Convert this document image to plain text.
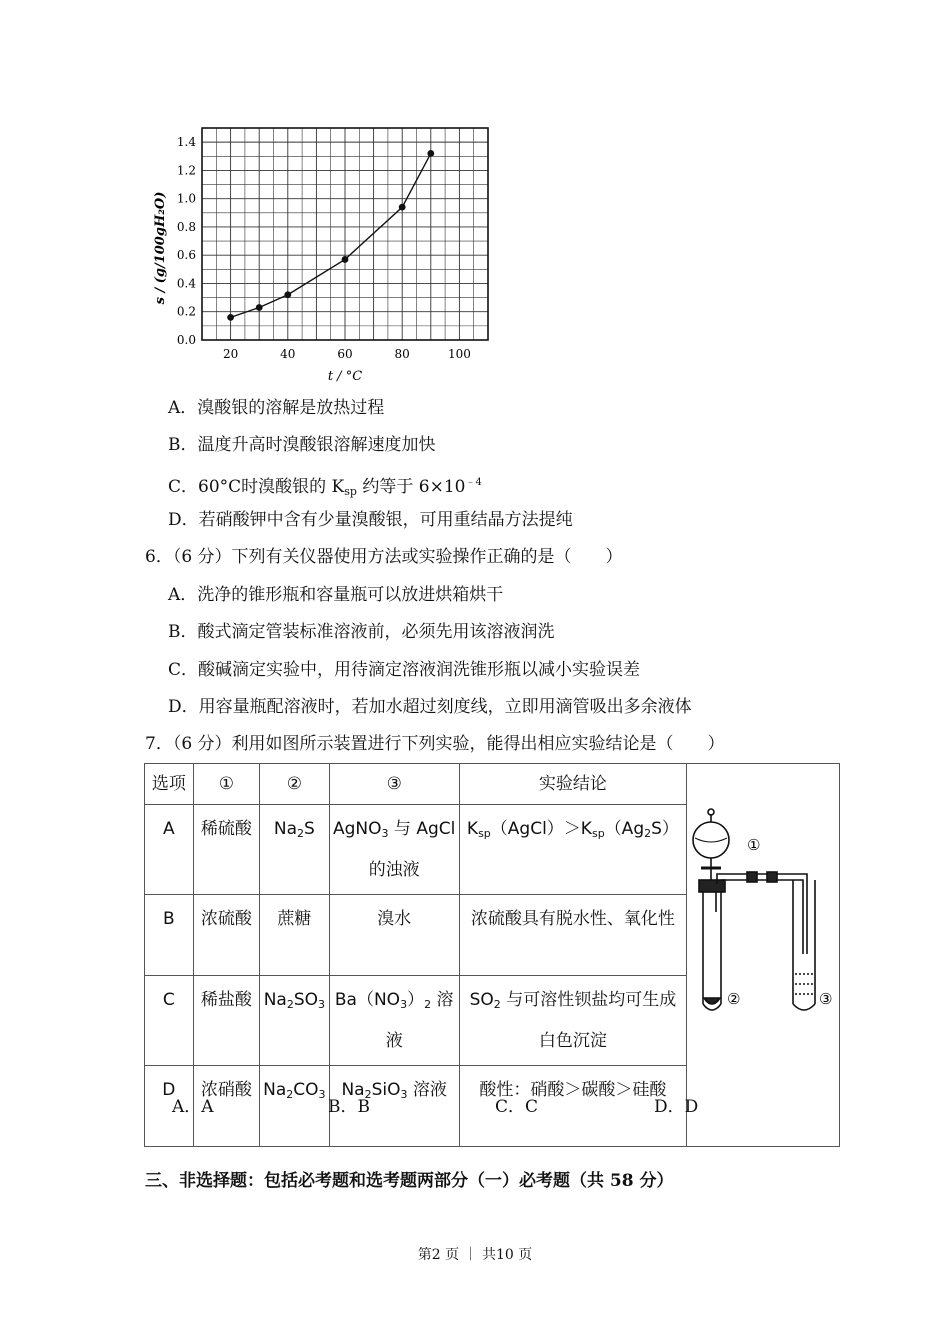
20	40	60	80	100
0.0
0.2
0.4
0.6
0.8
1.0
1.2
1.4
s / (g/100gH₂O)
t / °C
A．溴酸银的溶解是放热过程
B．温度升高时溴酸银溶解速度加快
C．60°C时溴酸银的 $K_{sp}$ 约等于 $6\times 10^{﹣4}$
D．若硝酸钾中含有少量溴酸银，可用重结晶方法提纯
6．（6 分）下列有关仪器使用方法或实验操作正确的是（　　）
A．洗净的锥形瓶和容量瓶可以放进烘箱烘干
B．酸式滴定管装标准溶液前，必须先用该溶液润洗
C．酸碱滴定实验中，用待滴定溶液润洗锥形瓶以减小实验误差
D．用容量瓶配溶液时，若加水超过刻度线，立即用滴管吸出多余液体
7．（6 分）利用如图所示装置进行下列实验，能得出相应实验结论是（　　）
选项	①	②	③	实验结论	①
② ③

A	稀硫酸	$Na_2S$	AgNO$_3$ 与 AgCl 的浊液	$K_{sp}(AgCl)>K_{sp}(Ag_2S)$	
B	浓硫酸	蔗糖	溴水	浓硫酸具有脱水性、氧化性	
C	稀盐酸	$Na_2SO_3$	$Ba(NO_3)_2$ 溶液	$SO_2$ 与可溶性钡盐均可生成白色沉淀	
D	浓硝酸	$Na_2CO_3$	$Na_2SiO_3$ 溶液	酸性：硝酸＞碳酸＞硅酸	
A．A	B．B	C．C	D．D
三、非选择题：包括必考题和选考题两部分（一）必考题（共 58 分）
第2 页 ｜ 共10 页
